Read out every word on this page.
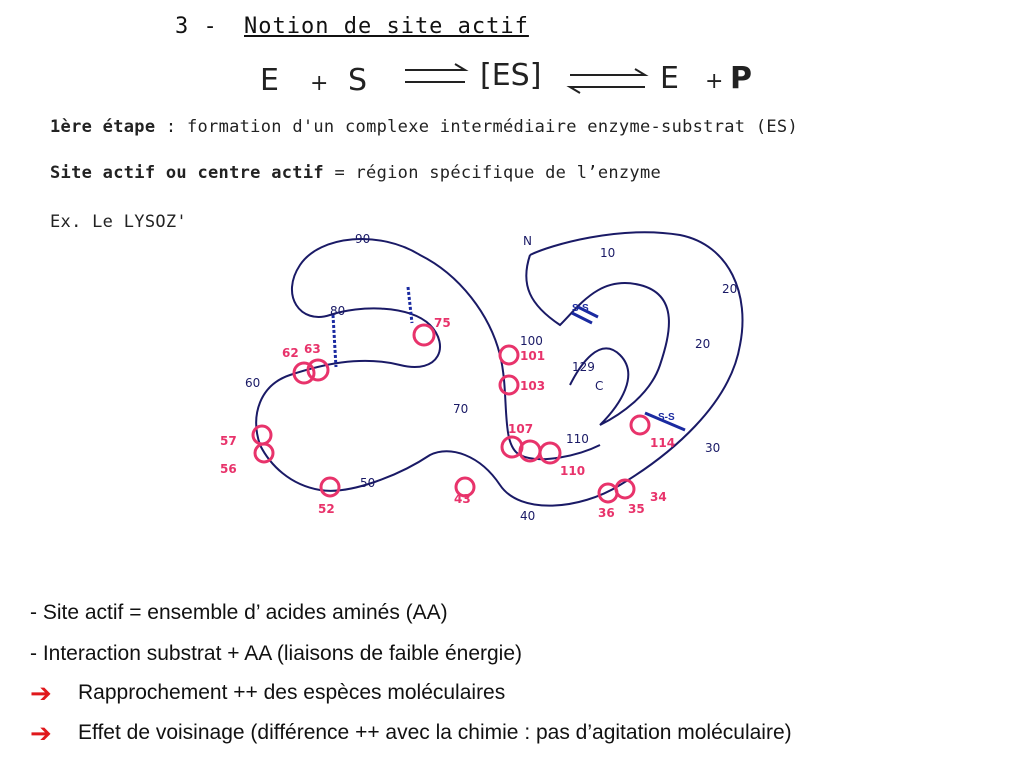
3 - Notion de site actif
E + S	[ES]	E + P
1ère étape : formation d'un complexe intermédiaire enzyme-substrat (ES)
Site actif ou centre actif = région spécifique de l’enzyme
Ex. Le LYSOZ'
S-S
S-S
N
10
20
20
30
40
50
60
70
80
90
100
129
C
110
62 63
75
101
103
57
56
52
43
107
110
114
36 35
34
- Site actif = ensemble d’ acides aminés (AA)
- Interaction substrat + AA (liaisons de faible énergie)
➔	Rapprochement ++ des espèces moléculaires
➔	Effet de voisinage (différence ++ avec la chimie : pas d’agitation moléculaire)
